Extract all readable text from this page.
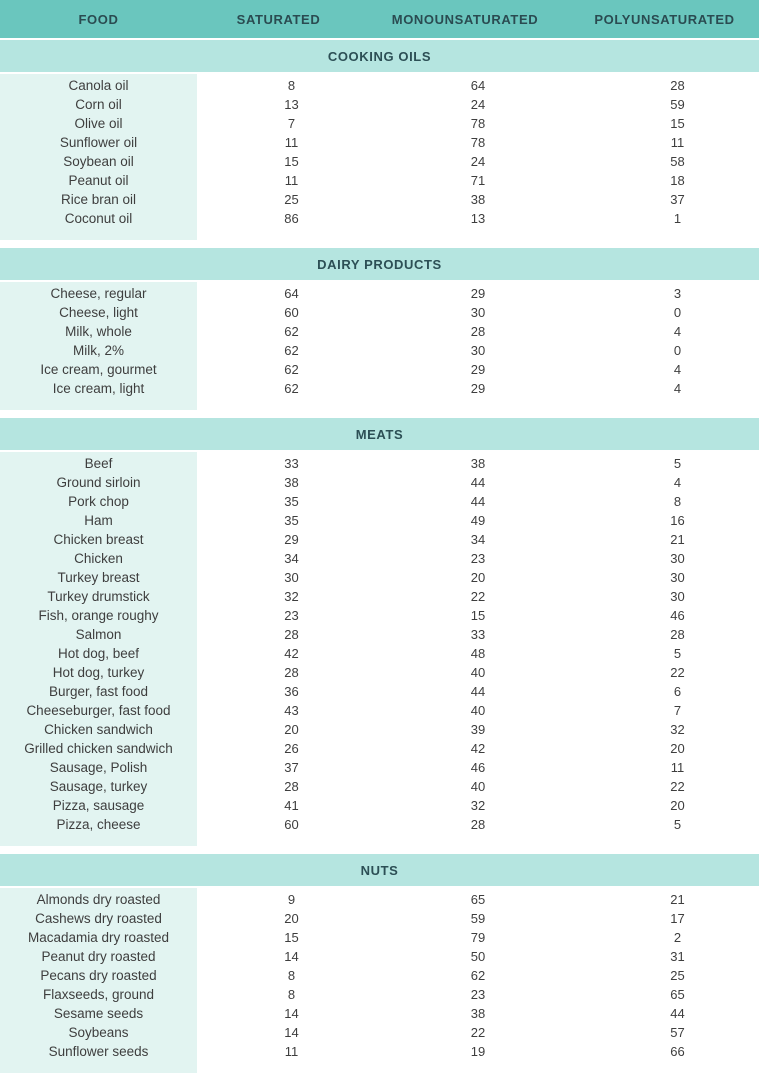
FOOD	SATURATED	MONOUNSATURATED	POLYUNSATURATED
COOKING OILS
Canola oil	8	64	28
Corn oil	13	24	59
Olive oil	7	78	15
Sunflower oil	11	78	11
Soybean oil	15	24	58
Peanut oil	11	71	18
Rice bran oil	25	38	37
Coconut oil	86	13	1
DAIRY PRODUCTS
Cheese, regular	64	29	3
Cheese, light	60	30	0
Milk, whole	62	28	4
Milk, 2%	62	30	0
Ice cream, gourmet	62	29	4
Ice cream, light	62	29	4
MEATS
Beef	33	38	5
Ground sirloin	38	44	4
Pork chop	35	44	8
Ham	35	49	16
Chicken breast	29	34	21
Chicken	34	23	30
Turkey breast	30	20	30
Turkey drumstick	32	22	30
Fish, orange roughy	23	15	46
Salmon	28	33	28
Hot dog, beef	42	48	5
Hot dog, turkey	28	40	22
Burger, fast food	36	44	6
Cheeseburger, fast food	43	40	7
Chicken sandwich	20	39	32
Grilled chicken sandwich	26	42	20
Sausage, Polish	37	46	11
Sausage, turkey	28	40	22
Pizza, sausage	41	32	20
Pizza, cheese	60	28	5
NUTS
Almonds dry roasted	9	65	21
Cashews dry roasted	20	59	17
Macadamia dry roasted	15	79	2
Peanut dry roasted	14	50	31
Pecans dry roasted	8	62	25
Flaxseeds, ground	8	23	65
Sesame seeds	14	38	44
Soybeans	14	22	57
Sunflower seeds	11	19	66
